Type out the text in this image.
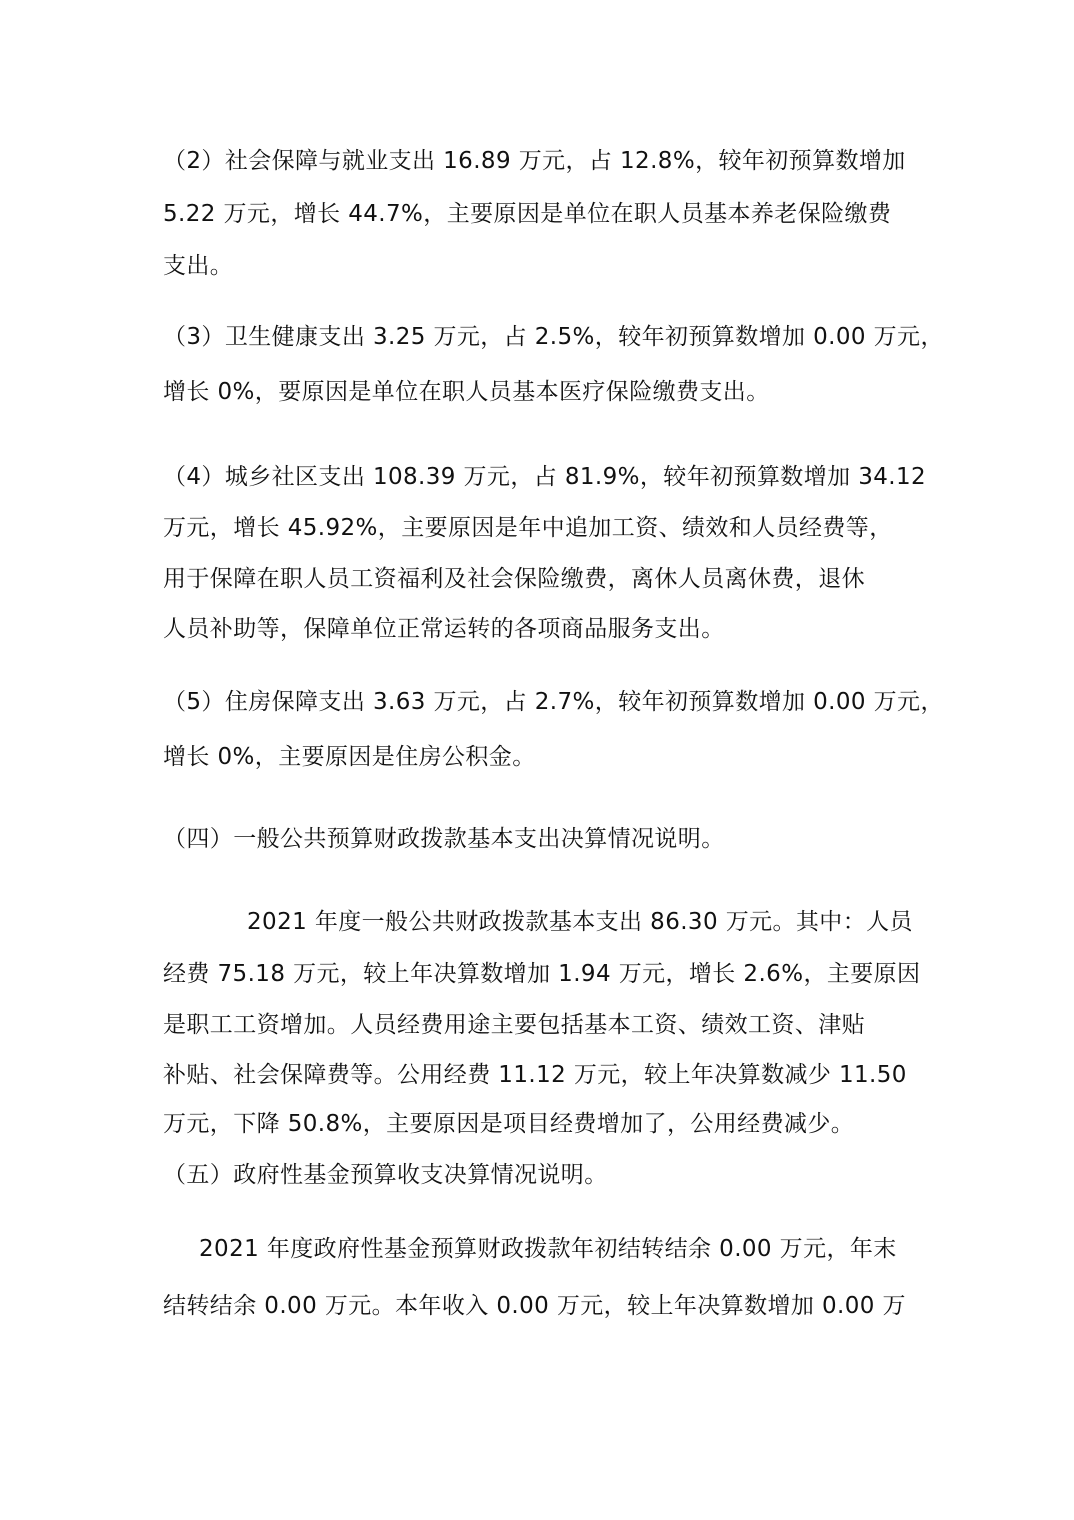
（2）社会保障与就业支出 16.89 万元，占 12.8%，较年初预算数增加

5.22 万元，增长 44.7%，主要原因是单位在职人员基本养老保险缴费

支出。

（3）卫生健康支出 3.25 万元，占 2.5%，较年初预算数增加 0.00 万元，

增长 0%，要原因是单位在职人员基本医疗保险缴费支出。

（4）城乡社区支出 108.39 万元，占 81.9%，较年初预算数增加 34.12

万元，增长 45.92%，主要原因是年中追加工资、绩效和人员经费等，

用于保障在职人员工资福利及社会保险缴费，离休人员离休费，退休

人员补助等，保障单位正常运转的各项商品服务支出。

（5）住房保障支出 3.63 万元，占 2.7%，较年初预算数增加 0.00 万元，

增长 0%，主要原因是住房公积金。

（四）一般公共预算财政拨款基本支出决算情况说明。

2021 年度一般公共财政拨款基本支出 86.30 万元。其中：人员

经费 75.18 万元，较上年决算数增加 1.94 万元，增长 2.6%，主要原因

是职工工资增加。人员经费用途主要包括基本工资、绩效工资、津贴

补贴、社会保障费等。公用经费 11.12 万元，较上年决算数减少 11.50

万元，下降 50.8%，主要原因是项目经费增加了，公用经费减少。

（五）政府性基金预算收支决算情况说明。

2021 年度政府性基金预算财政拨款年初结转结余 0.00 万元，年末

结转结余 0.00 万元。本年收入 0.00 万元，较上年决算数增加 0.00 万
